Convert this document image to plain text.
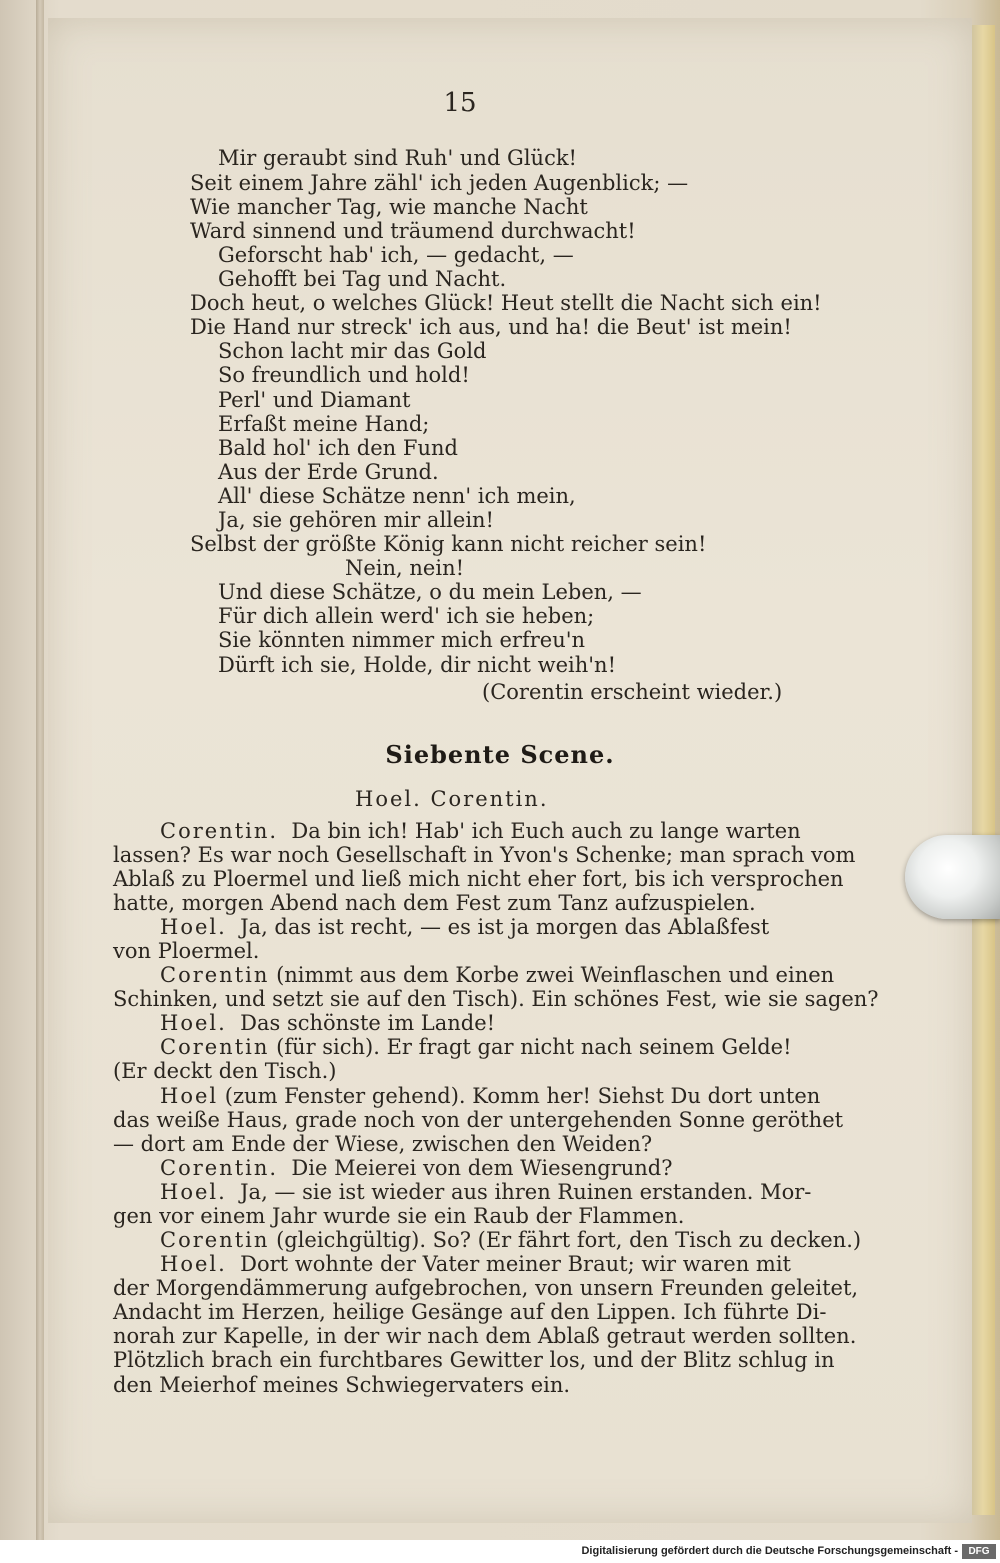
15
Mir geraubt sind Ruh' und Glück!
Seit einem Jahre zähl' ich jeden Augenblick; —
Wie mancher Tag, wie manche Nacht
Ward sinnend und träumend durchwacht!
Geforscht hab' ich, — gedacht, —
Gehofft bei Tag und Nacht.
Doch heut, o welches Glück! Heut stellt die Nacht sich ein!
Die Hand nur streck' ich aus, und ha! die Beut' ist mein!
Schon lacht mir das Gold
So freundlich und hold!
Perl' und Diamant
Erfaßt meine Hand;
Bald hol' ich den Fund
Aus der Erde Grund.
All' diese Schätze nenn' ich mein,
Ja, sie gehören mir allein!
Selbst der größte König kann nicht reicher sein!
Nein, nein!
Und diese Schätze, o du mein Leben, —
Für dich allein werd' ich sie heben;
Sie könnten nimmer mich erfreu'n
Dürft ich sie, Holde, dir nicht weih'n!
(Corentin erscheint wieder.)
Siebente Scene.
Hoel. Corentin.
Corentin. Da bin ich! Hab' ich Euch auch zu lange warten
lassen? Es war noch Gesellschaft in Yvon's Schenke; man sprach vom
Ablaß zu Ploermel und ließ mich nicht eher fort, bis ich versprochen
hatte, morgen Abend nach dem Fest zum Tanz aufzuspielen.
Hoel. Ja, das ist recht, — es ist ja morgen das Ablaßfest
von Ploermel.
Corentin (nimmt aus dem Korbe zwei Weinflaschen und einen
Schinken, und setzt sie auf den Tisch). Ein schönes Fest, wie sie sagen?
Hoel. Das schönste im Lande!
Corentin (für sich). Er fragt gar nicht nach seinem Gelde!
(Er deckt den Tisch.)
Hoel (zum Fenster gehend). Komm her! Siehst Du dort unten
das weiße Haus, grade noch von der untergehenden Sonne geröthet
— dort am Ende der Wiese, zwischen den Weiden?
Corentin. Die Meierei von dem Wiesengrund?
Hoel. Ja, — sie ist wieder aus ihren Ruinen erstanden. Mor-
gen vor einem Jahr wurde sie ein Raub der Flammen.
Corentin (gleichgültig). So? (Er fährt fort, den Tisch zu decken.)
Hoel. Dort wohnte der Vater meiner Braut; wir waren mit
der Morgendämmerung aufgebrochen, von unsern Freunden geleitet,
Andacht im Herzen, heilige Gesänge auf den Lippen. Ich führte Di-
norah zur Kapelle, in der wir nach dem Ablaß getraut werden sollten.
Plötzlich brach ein furchtbares Gewitter los, und der Blitz schlug in
den Meierhof meines Schwiegervaters ein.
Digitalisierung gefördert durch die Deutsche Forschungsgemeinschaft -	DFG
